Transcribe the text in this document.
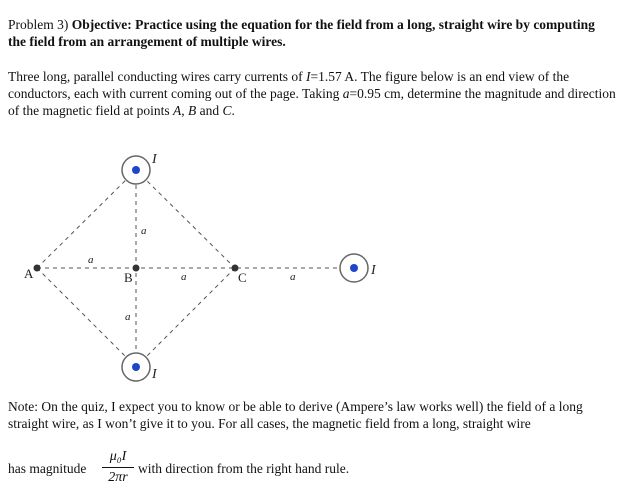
Problem 3) Objective: Practice using the equation for the field from a long, straight wire by computing the field from an arrangement of multiple wires.
Three long, parallel conducting wires carry currents of I=1.57 A. The figure below is an end view of the conductors, each with current coming out of the page. Taking a=0.95 cm, determine the magnitude and direction of the magnetic field at points A, B and C.
I
I
I
a
a
a
a	a
A	B	C
Note: On the quiz, I expect you to know or be able to derive (Ampere’s law works well) the field of a long straight wire, as I won’t give it to you. For all cases, the magnetic field from a long, straight wire
has magnitude
μ₀I
2πr
with direction from the right hand rule.
